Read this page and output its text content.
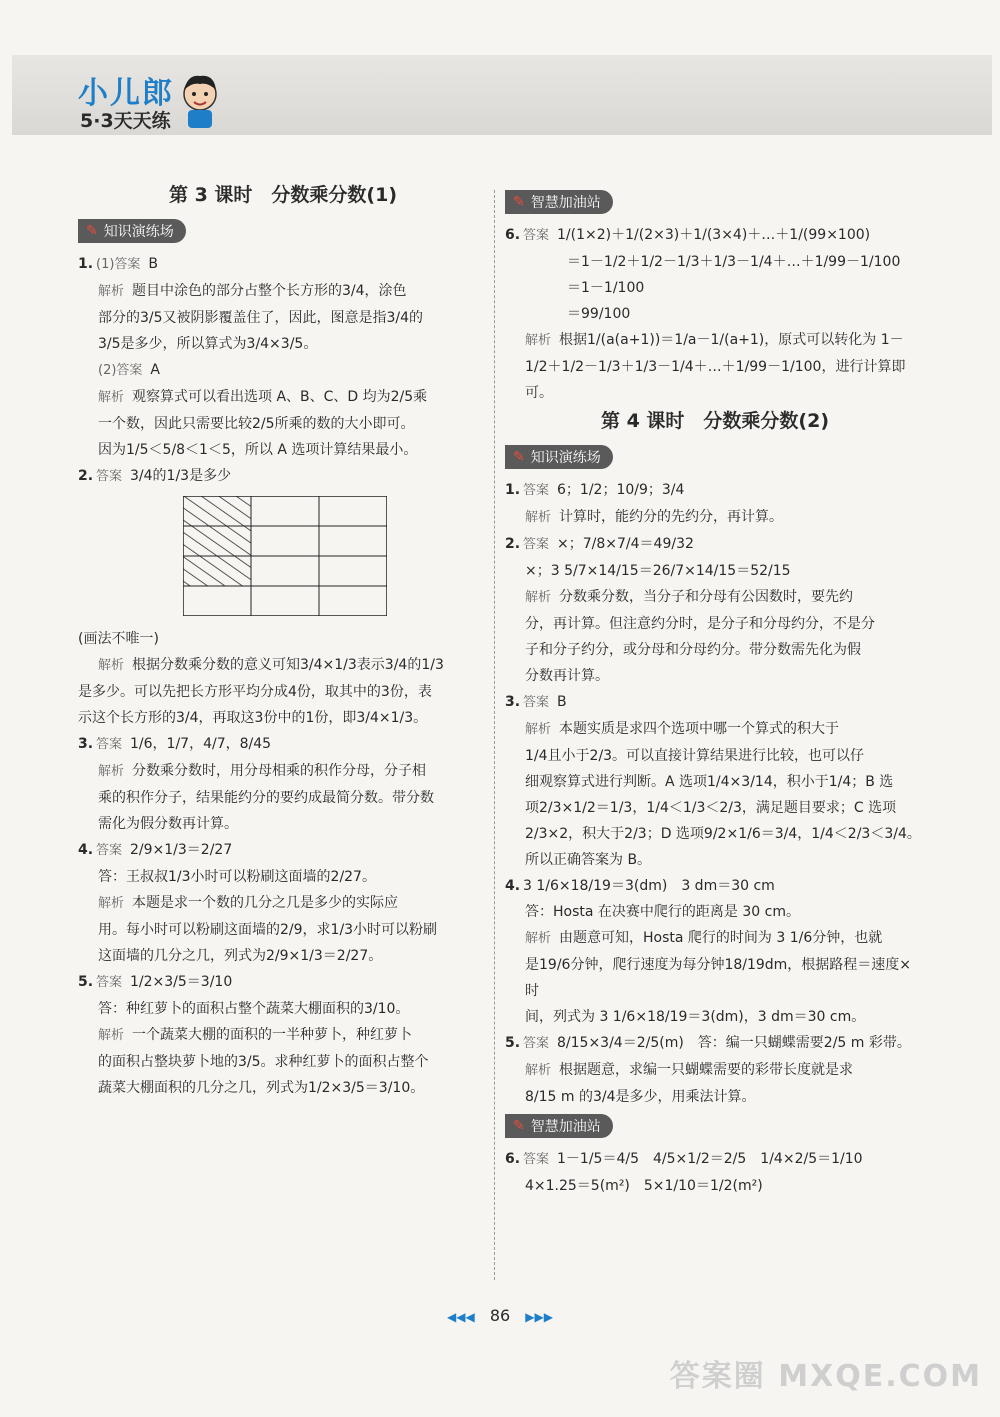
小儿郎
5·3天天练
第 3 课时　分数乘分数(1)
✎ 知识演练场
1. (1)答案 B
解析 题目中涂色的部分占整个长方形的3/4，涂色
部分的3/5又被阴影覆盖住了，因此，图意是指3/4的
3/5是多少，所以算式为3/4×3/5。
(2)答案 A
解析 观察算式可以看出选项 A、B、C、D 均为2/5乘
一个数，因此只需要比较2/5所乘的数的大小即可。
因为1/5＜5/8＜1＜5，所以 A 选项计算结果最小。
2. 答案 3/4的1/3是多少
(画法不唯一)
解析 根据分数乘分数的意义可知3/4×1/3表示3/4的1/3
是多少。可以先把长方形平均分成4份，取其中的3份，表
示这个长方形的3/4，再取这3份中的1份，即3/4×1/3。
3. 答案 1/6，1/7，4/7，8/45
解析 分数乘分数时，用分母相乘的积作分母，分子相
乘的积作分子，结果能约分的要约成最简分数。带分数
需化为假分数再计算。
4. 答案 2/9×1/3＝2/27
答：王叔叔1/3小时可以粉刷这面墙的2/27。
解析 本题是求一个数的几分之几是多少的实际应
用。每小时可以粉刷这面墙的2/9，求1/3小时可以粉刷
这面墙的几分之几，列式为2/9×1/3＝2/27。
5. 答案 1/2×3/5＝3/10
答：种红萝卜的面积占整个蔬菜大棚面积的3/10。
解析 一个蔬菜大棚的面积的一半种萝卜，种红萝卜
的面积占整块萝卜地的3/5。求种红萝卜的面积占整个
蔬菜大棚面积的几分之几，列式为1/2×3/5＝3/10。
✎ 智慧加油站
6. 答案 1/(1×2)＋1/(2×3)＋1/(3×4)＋…＋1/(99×100)
＝1－1/2＋1/2－1/3＋1/3－1/4＋…＋1/99－1/100
＝1－1/100
＝99/100
解析 根据1/(a(a+1))＝1/a－1/(a+1)，原式可以转化为 1－
1/2＋1/2－1/3＋1/3－1/4＋…＋1/99－1/100，进行计算即可。
第 4 课时　分数乘分数(2)
✎ 知识演练场
1. 答案 6；1/2；10/9；3/4
解析 计算时，能约分的先约分，再计算。
2. 答案 ×；7/8×7/4＝49/32
×；3 5/7×14/15＝26/7×14/15＝52/15
解析 分数乘分数，当分子和分母有公因数时，要先约
分，再计算。但注意约分时，是分子和分母约分，不是分
子和分子约分，或分母和分母约分。带分数需先化为假
分数再计算。
3. 答案 B
解析 本题实质是求四个选项中哪一个算式的积大于
1/4且小于2/3。可以直接计算结果进行比较，也可以仔
细观察算式进行判断。A 选项1/4×3/14，积小于1/4；B 选
项2/3×1/2＝1/3，1/4＜1/3＜2/3，满足题目要求；C 选项
2/3×2，积大于2/3；D 选项9/2×1/6＝3/4，1/4＜2/3＜3/4。
所以正确答案为 B。
4. 3 1/6×18/19＝3(dm)　3 dm＝30 cm
答：Hosta 在决赛中爬行的距离是 30 cm。
解析 由题意可知，Hosta 爬行的时间为 3 1/6分钟，也就
是19/6分钟，爬行速度为每分钟18/19dm，根据路程＝速度×时
间，列式为 3 1/6×18/19＝3(dm)，3 dm＝30 cm。
5. 答案 8/15×3/4＝2/5(m)　答：编一只蝴蝶需要2/5 m 彩带。
解析 根据题意，求编一只蝴蝶需要的彩带长度就是求
8/15 m 的3/4是多少，用乘法计算。
✎ 智慧加油站
6. 答案 1－1/5＝4/5　4/5×1/2＝2/5　1/4×2/5＝1/10
4×1.25＝5(m²)　5×1/10＝1/2(m²)
◀◀◀ 86 ▶▶▶
答案圈 MXQE.COM
